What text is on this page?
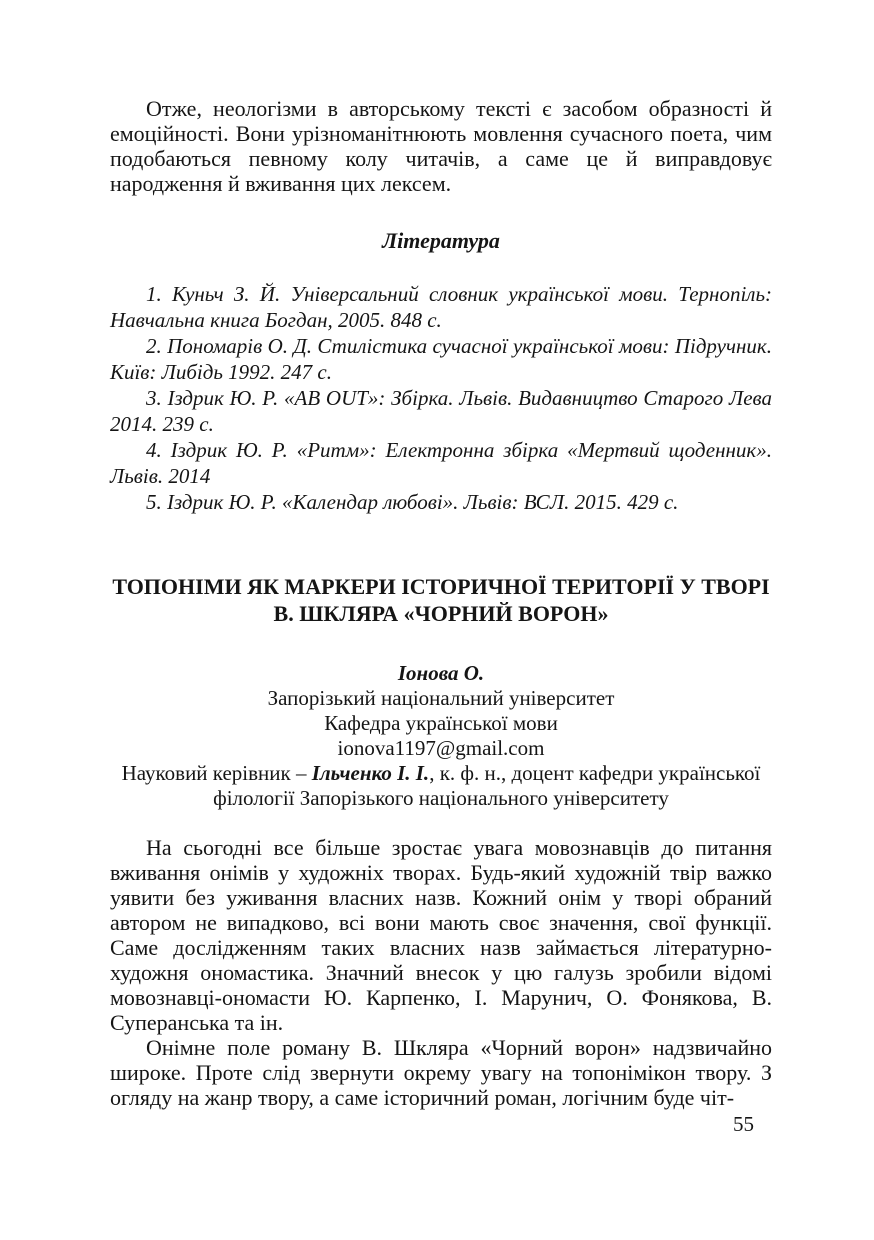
Отже, неологізми в авторському тексті є засобом образності й емоційності. Вони урізноманітнюють мовлення сучасного поета, чим подобаються певному колу читачів, а саме це й виправдовує народження й вживання цих лексем.

Література

1. Куньч З. Й. Універсальний словник української мови. Тернопіль: Навчальна книга Богдан, 2005. 848 с.

2. Пономарів О. Д. Стилістика сучасної української мови: Підручник. Київ: Либідь 1992. 247 с.

3. Іздрик Ю. Р. «AB OUT»: Збірка. Львів. Видавництво Старого Лева 2014. 239 с.

4. Іздрик Ю. Р. «Ритм»: Електронна збірка «Мертвий щоденник». Львів. 2014

5. Іздрик Ю. Р. «Календар любові». Львів: ВСЛ. 2015. 429 с.

ТОПОНІМИ ЯК МАРКЕРИ ІСТОРИЧНОЇ ТЕРИТОРІЇ У ТВОРІ В. ШКЛЯРА «ЧОРНИЙ ВОРОН»

Іонова О.

Запорізький національний університет

Кафедра української мови

ionova1197@gmail.com

Науковий керівник – Ільченко І. І., к. ф. н., доцент кафедри української філології Запорізького національного університету

На сьогодні все більше зростає увага мовознавців до питання вживання онімів у художніх творах. Будь-який художній твір важко уявити без уживання власних назв. Кожний онім у творі обраний автором не випадково, всі вони мають своє значення, свої функції. Саме дослідженням таких власних назв займається літературно-художня ономастика. Значний внесок у цю галузь зробили відомі мовознавці-ономасти Ю. Карпенко, І. Марунич, О. Фонякова, В. Суперанська та ін.

Онімне поле роману В. Шкляра «Чорний ворон» надзвичайно широке. Проте слід звернути окрему увагу на топонімікон твору. З огляду на жанр твору, а саме історичний роман, логічним буде чіт-

55
